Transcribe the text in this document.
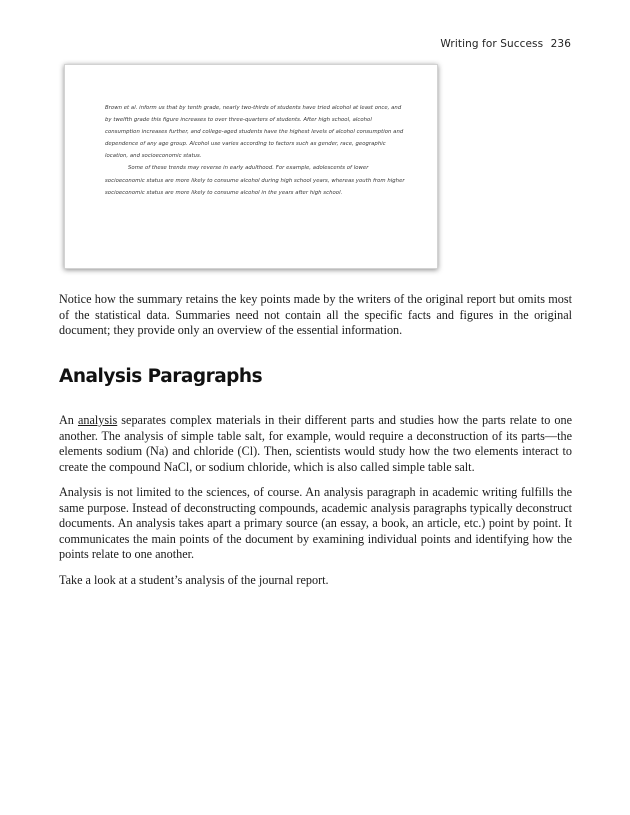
Writing for Success 236

Brown et al. inform us that by tenth grade, nearly two-thirds of students have tried alcohol at least once, and by twelfth grade this figure increases to over three-quarters of students. After high school, alcohol consumption increases further, and college-aged students have the highest levels of alcohol consumption and dependence of any age group. Alcohol use varies according to factors such as gender, race, geographic location, and socioeconomic status.

Some of these trends may reverse in early adulthood. For example, adolescents of lower socioeconomic status are more likely to consume alcohol during high school years, whereas youth from higher socioeconomic status are more likely to consume alcohol in the years after high school.

Notice how the summary retains the key points made by the writers of the original report but omits most of the statistical data. Summaries need not contain all the specific facts and figures in the original document; they provide only an overview of the essential information.

Analysis Paragraphs

An analysis separates complex materials in their different parts and studies how the parts relate to one another. The analysis of simple table salt, for example, would require a deconstruction of its parts—the elements sodium (Na) and chloride (Cl). Then, scientists would study how the two elements interact to create the compound NaCl, or sodium chloride, which is also called simple table salt.

Analysis is not limited to the sciences, of course. An analysis paragraph in academic writing fulfills the same purpose. Instead of deconstructing compounds, academic analysis paragraphs typically deconstruct documents. An analysis takes apart a primary source (an essay, a book, an article, etc.) point by point. It communicates the main points of the document by examining individual points and identifying how the points relate to one another.

Take a look at a student’s analysis of the journal report.
